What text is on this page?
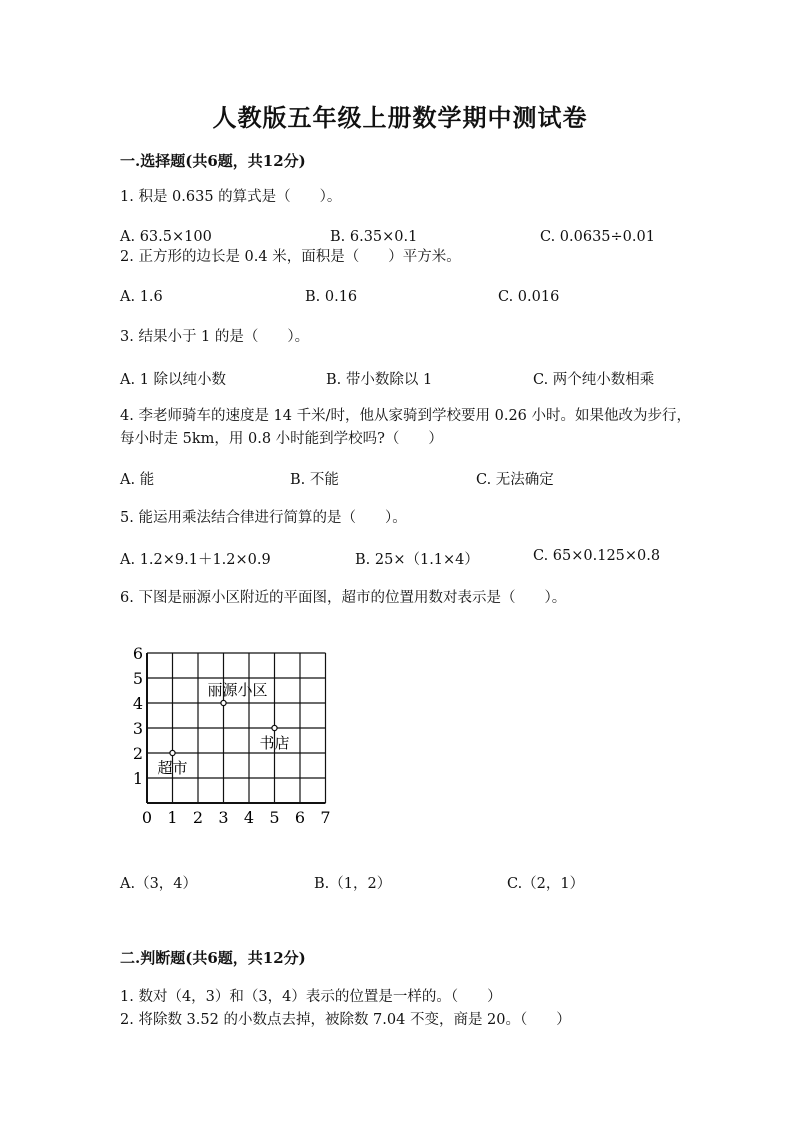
人教版五年级上册数学期中测试卷
一.选择题(共6题，共12分)
1. 积是 0.635 的算式是（　　）。
A. 63.5×100	B. 6.35×0.1	C. 0.0635÷0.01
2. 正方形的边长是 0.4 米，面积是（　　）平方米。
A. 1.6	B. 0.16	C. 0.016
3. 结果小于 1 的是（　　）。
A. 1 除以纯小数	B. 带小数除以 1	C. 两个纯小数相乘
4. 李老师骑车的速度是 14 千米/时，他从家骑到学校要用 0.26 小时。如果他改为步行，每小时走 5km，用 0.8 小时能到学校吗?（　　）
A. 能	B. 不能	C. 无法确定
5. 能运用乘法结合律进行简算的是（　　）。
A. 1.2×9.1＋1.2×0.9	B. 25×（1.1×4）	C. 65×0.125×0.8
6. 下图是丽源小区附近的平面图，超市的位置用数对表示是（　　）。
0 1 2 3 4 5 6 7
1
2
3
4
5
6
丽源小区
书店
超市
A.（3，4）	B.（1，2）	C.（2，1）
二.判断题(共6题，共12分)
1. 数对（4，3）和（3，4）表示的位置是一样的。（　　）
2. 将除数 3.52 的小数点去掉，被除数 7.04 不变，商是 20。（　　）
